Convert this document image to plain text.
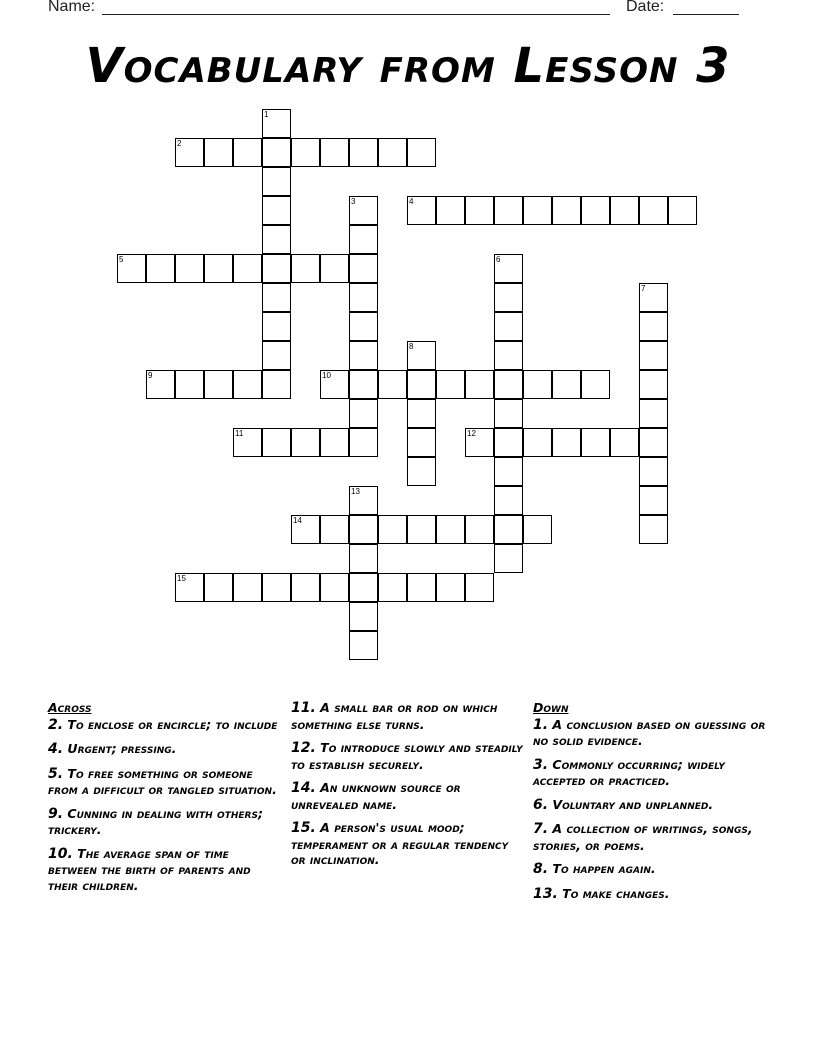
Name:	Date:
Vocabulary from Lesson 3
1
2
3	4
5	6
7
8
9	10
11	12
13
14
15
Across
2. To enclose or encircle; to include
4. Urgent; pressing.
5. To free something or someone from a difficult or tangled situation.
9. Cunning in dealing with others; trickery.
10. The average span of time between the birth of parents and their children.
11. A small bar or rod on which something else turns.
12. To introduce slowly and steadily to establish securely.
14. An unknown source or unrevealed name.
15. A person's usual mood; temperament or a regular tendency or inclination.
Down
1. A conclusion based on guessing or no solid evidence.
3. Commonly occurring; widely accepted or practiced.
6. Voluntary and unplanned.
7. A collection of writings, songs, stories, or poems.
8. To happen again.
13. To make changes.
